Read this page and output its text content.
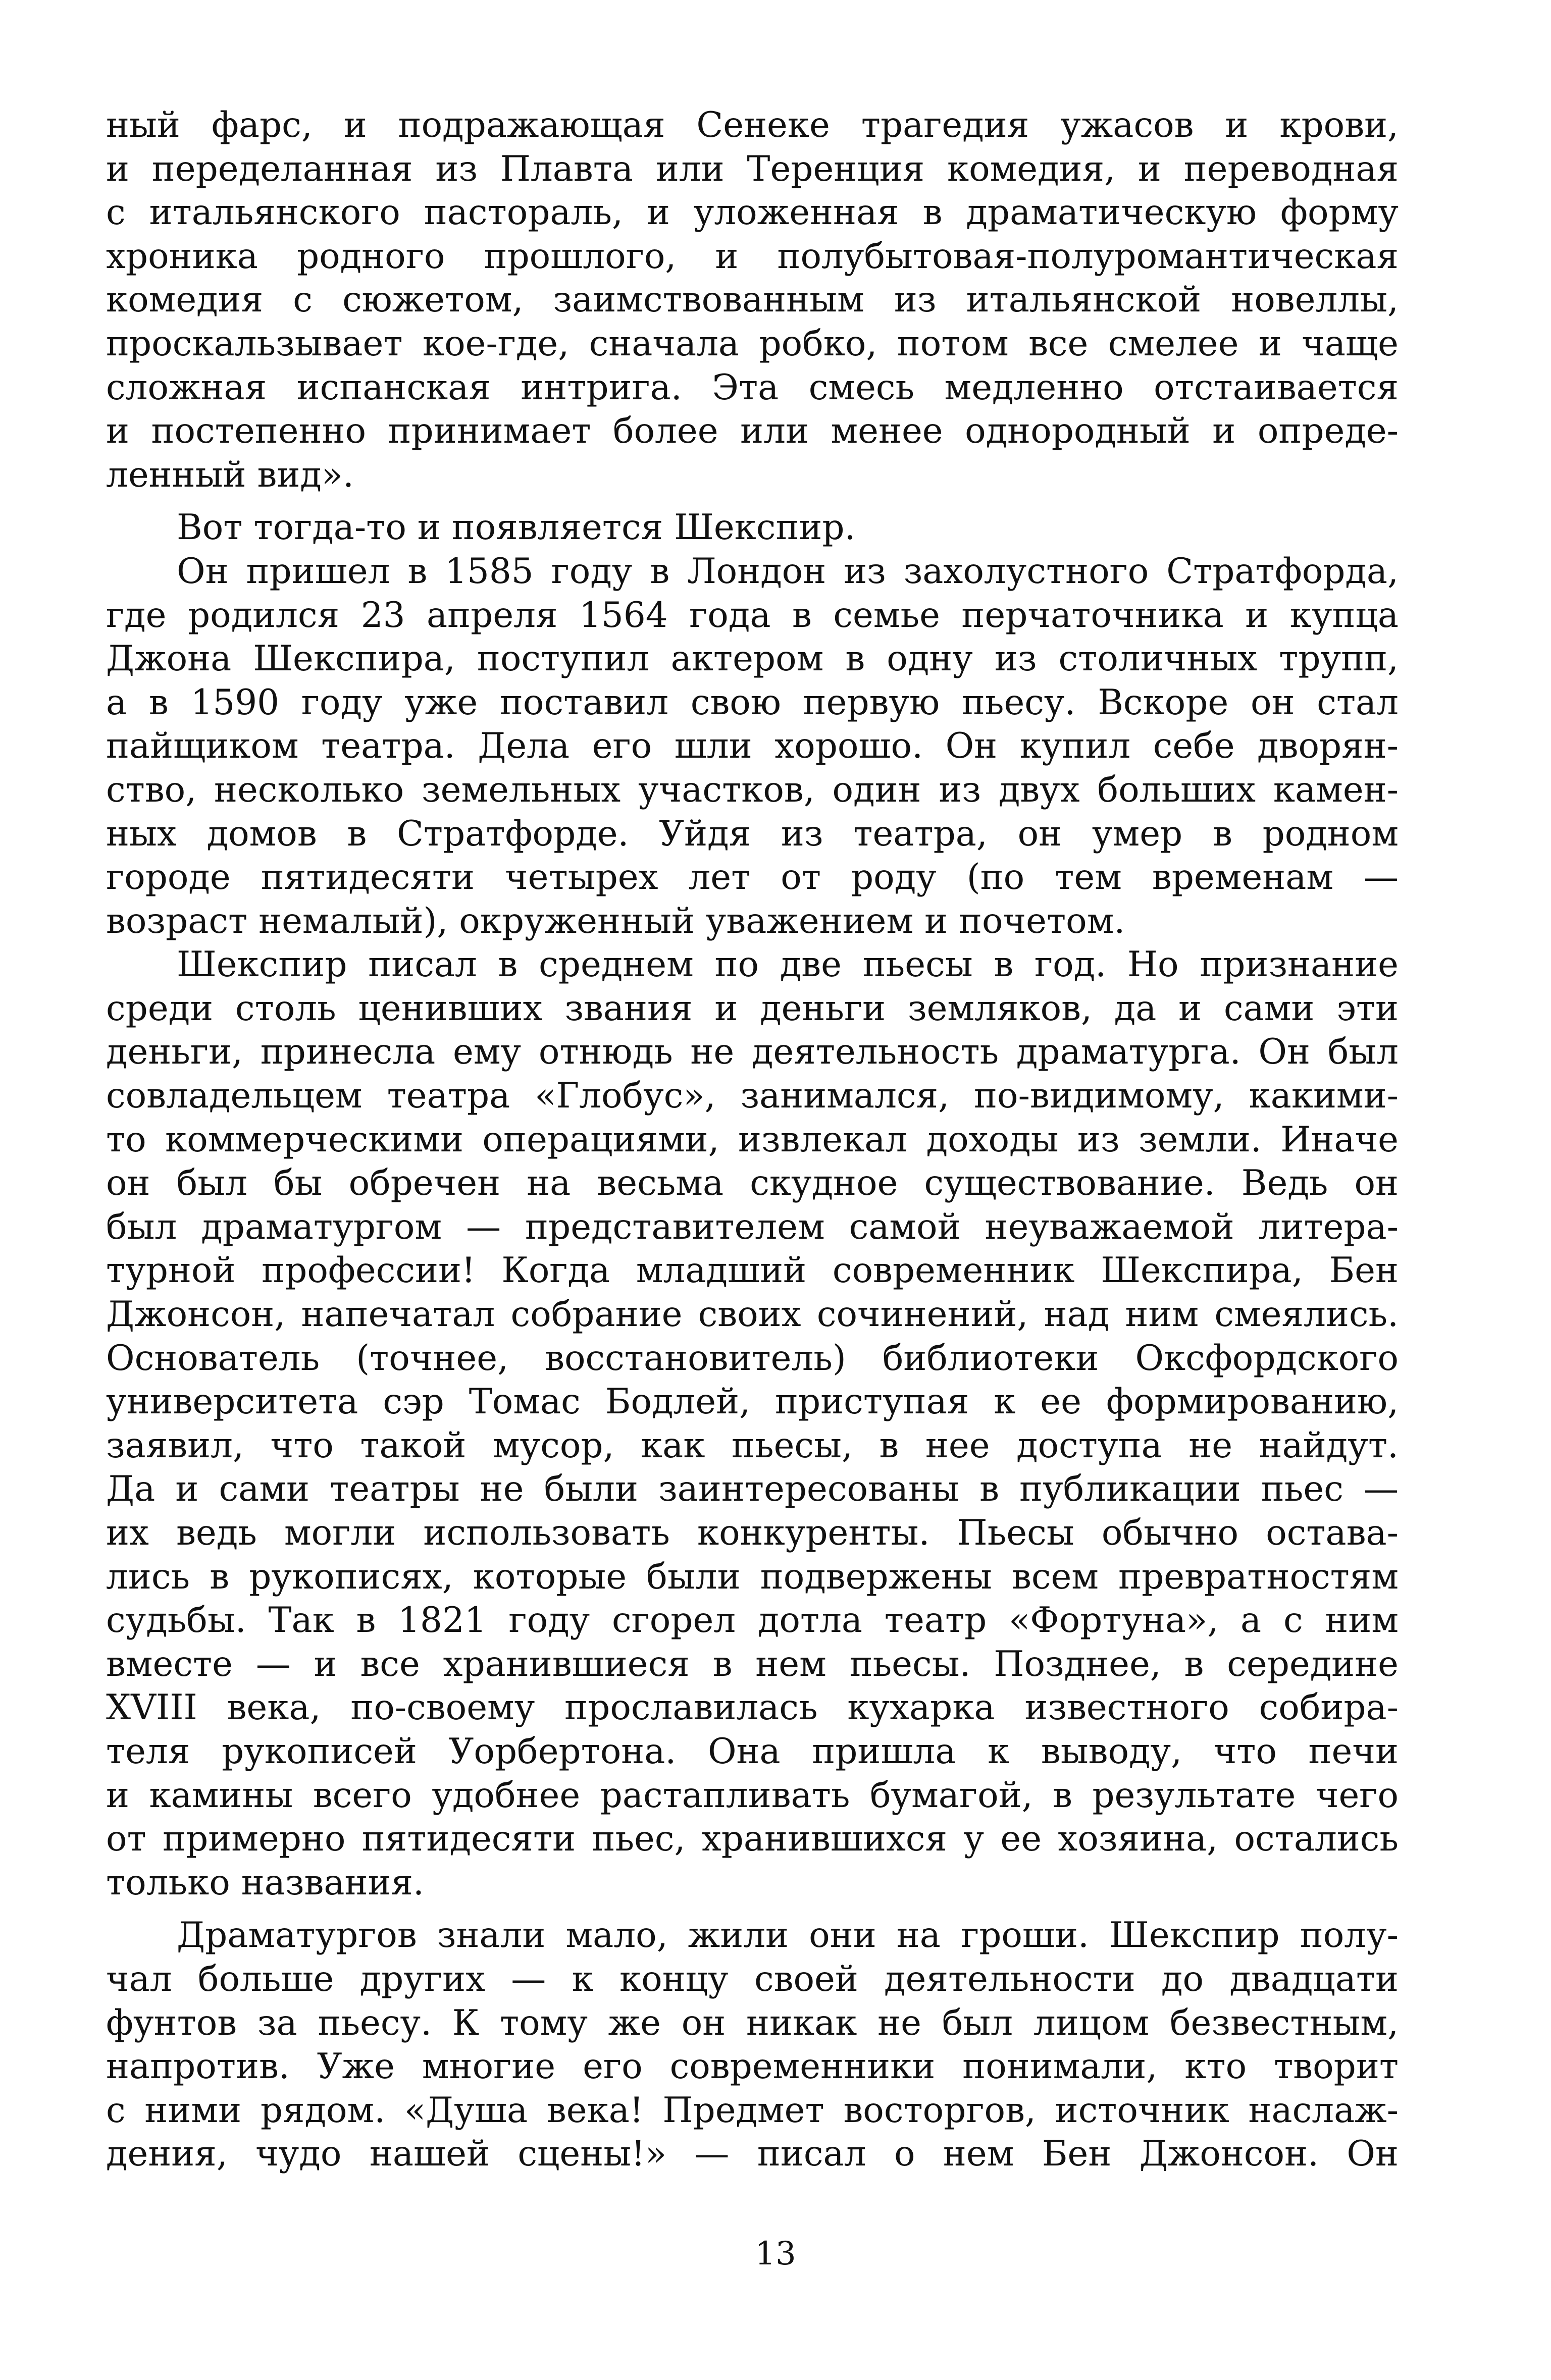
ный фарс, и подражающая Сенеке трагедия ужасов и крови,
и переделанная из Плавта или Теренция комедия, и переводная
с итальянского пастораль, и уложенная в драматическую форму
хроника родного прошлого, и полубытовая-полуромантическая
комедия с сюжетом, заимствованным из итальянской новеллы,
проскальзывает кое-где, сначала робко, потом все смелее и чаще
сложная испанская интрига. Эта смесь медленно отстаивается
и постепенно принимает более или менее однородный и опреде-
ленный вид».
Вот тогда-то и появляется Шекспир.
Он пришел в 1585 году в Лондон из захолустного Стратфорда,
где родился 23 апреля 1564 года в семье перчаточника и купца
Джона Шекспира, поступил актером в одну из столичных трупп,
а в 1590 году уже поставил свою первую пьесу. Вскоре он стал
пайщиком театра. Дела его шли хорошо. Он купил себе дворян-
ство, несколько земельных участков, один из двух больших камен-
ных домов в Стратфорде. Уйдя из театра, он умер в родном
городе пятидесяти четырех лет от роду (по тем временам —
возраст немалый), окруженный уважением и почетом.
Шекспир писал в среднем по две пьесы в год. Но признание
среди столь ценивших звания и деньги земляков, да и сами эти
деньги, принесла ему отнюдь не деятельность драматурга. Он был
совладельцем театра «Глобус», занимался, по-видимому, какими-
то коммерческими операциями, извлекал доходы из земли. Иначе
он был бы обречен на весьма скудное существование. Ведь он
был драматургом — представителем самой неуважаемой литера-
турной профессии! Когда младший современник Шекспира, Бен
Джонсон, напечатал собрание своих сочинений, над ним смеялись.
Основатель (точнее, восстановитель) библиотеки Оксфордского
университета сэр Томас Бодлей, приступая к ее формированию,
заявил, что такой мусор, как пьесы, в нее доступа не найдут.
Да и сами театры не были заинтересованы в публикации пьес —
их ведь могли использовать конкуренты. Пьесы обычно остава-
лись в рукописях, которые были подвержены всем превратностям
судьбы. Так в 1821 году сгорел дотла театр «Фортуна», а с ним
вместе — и все хранившиеся в нем пьесы. Позднее, в середине
XVIII века, по-своему прославилась кухарка известного собира-
теля рукописей Уорбертона. Она пришла к выводу, что печи
и камины всего удобнее растапливать бумагой, в результате чего
от примерно пятидесяти пьес, хранившихся у ее хозяина, остались
только названия.
Драматургов знали мало, жили они на гроши. Шекспир полу-
чал больше других — к концу своей деятельности до двадцати
фунтов за пьесу. К тому же он никак не был лицом безвестным,
напротив. Уже многие его современники понимали, кто творит
с ними рядом. «Душа века! Предмет восторгов, источник наслаж-
дения, чудо нашей сцены!» — писал о нем Бен Джонсон. Он
13
